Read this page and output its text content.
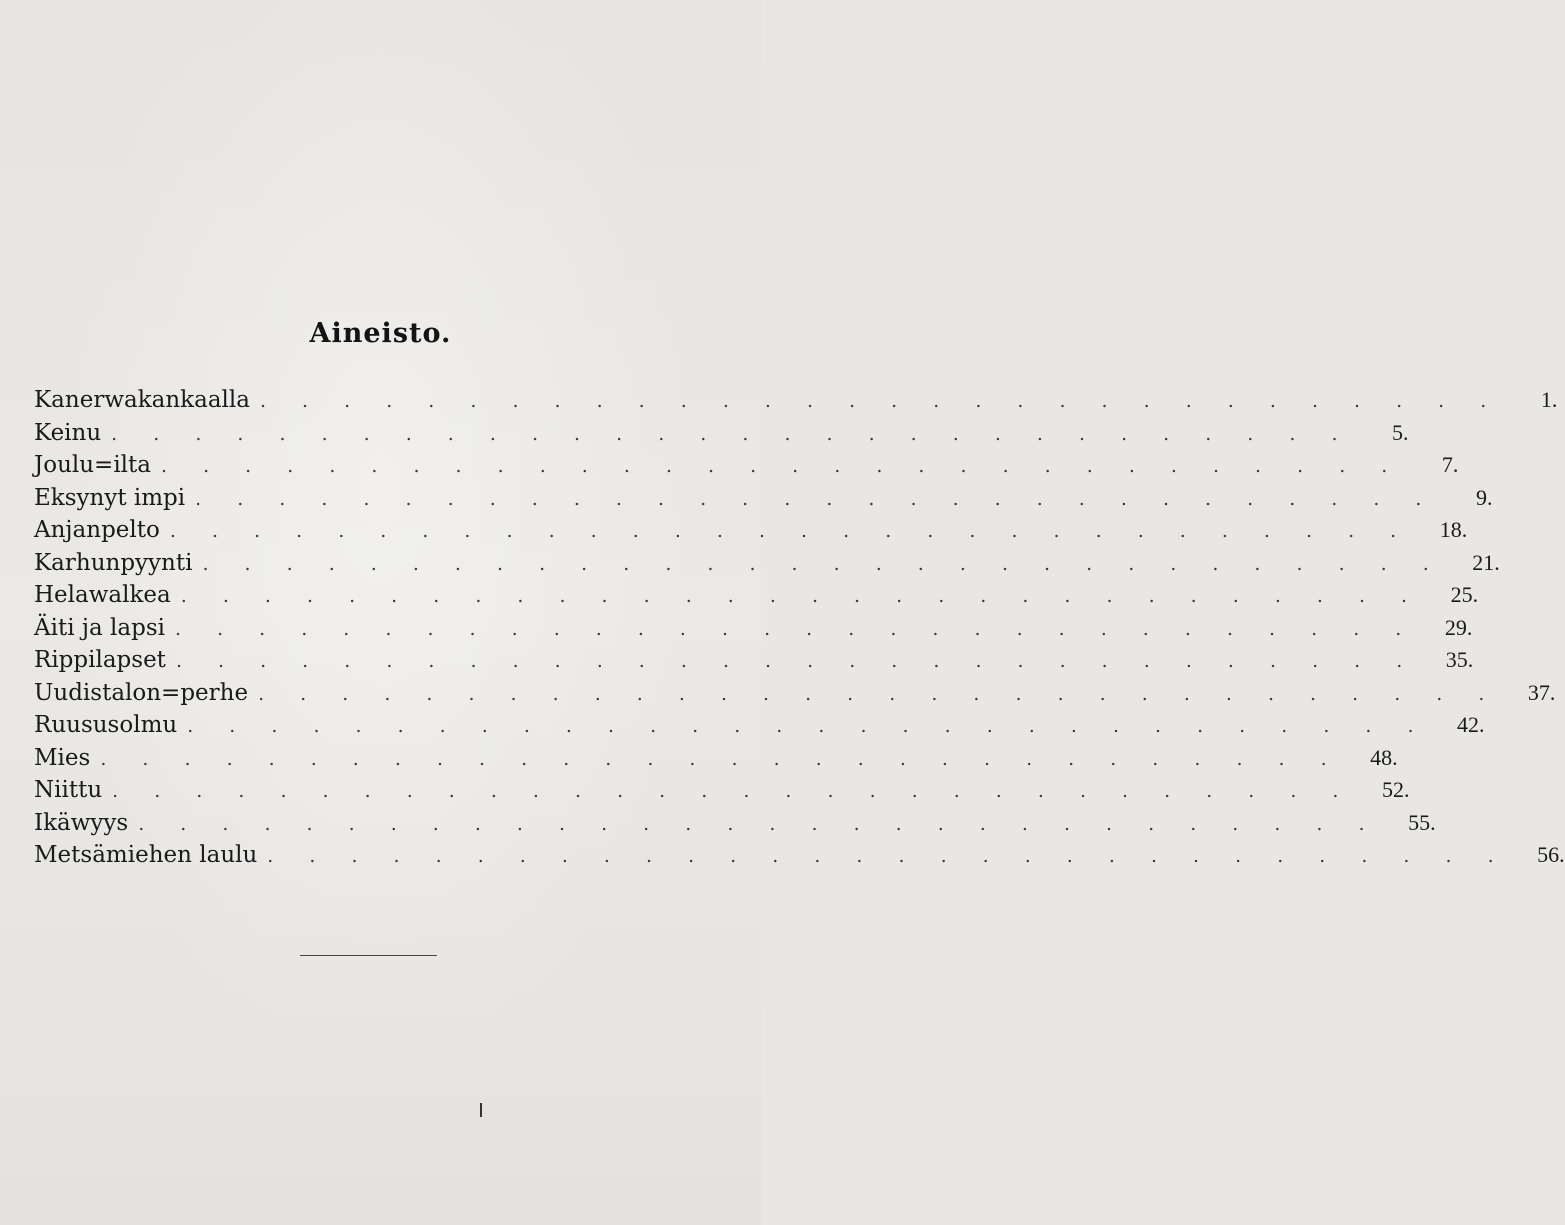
Aineisto.
Kanerwakankaalla . . . . . . . . . . . . . . . . . . . . . . . . . . . . . .	1.
Keinu . . . . . . . . . . . . . . . . . . . . . . . . . . . . . .	5.
Joulu=ilta . . . . . . . . . . . . . . . . . . . . . . . . . . . . . .	7.
Eksynyt impi . . . . . . . . . . . . . . . . . . . . . . . . . . . . . .	9.
Anjanpelto . . . . . . . . . . . . . . . . . . . . . . . . . . . . . .	18.
Karhunpyynti . . . . . . . . . . . . . . . . . . . . . . . . . . . . . .	21.
Helawalkea . . . . . . . . . . . . . . . . . . . . . . . . . . . . . .	25.
Äiti ja lapsi . . . . . . . . . . . . . . . . . . . . . . . . . . . . . .	29.
Rippilapset . . . . . . . . . . . . . . . . . . . . . . . . . . . . . .	35.
Uudistalon=perhe . . . . . . . . . . . . . . . . . . . . . . . . . . . . . .	37.
Ruususolmu . . . . . . . . . . . . . . . . . . . . . . . . . . . . . .	42.
Mies . . . . . . . . . . . . . . . . . . . . . . . . . . . . . .	48.
Niittu . . . . . . . . . . . . . . . . . . . . . . . . . . . . . .	52.
Ikäwyys . . . . . . . . . . . . . . . . . . . . . . . . . . . . . .	55.
Metsämiehen laulu . . . . . . . . . . . . . . . . . . . . . . . . . . . . . .	56.
